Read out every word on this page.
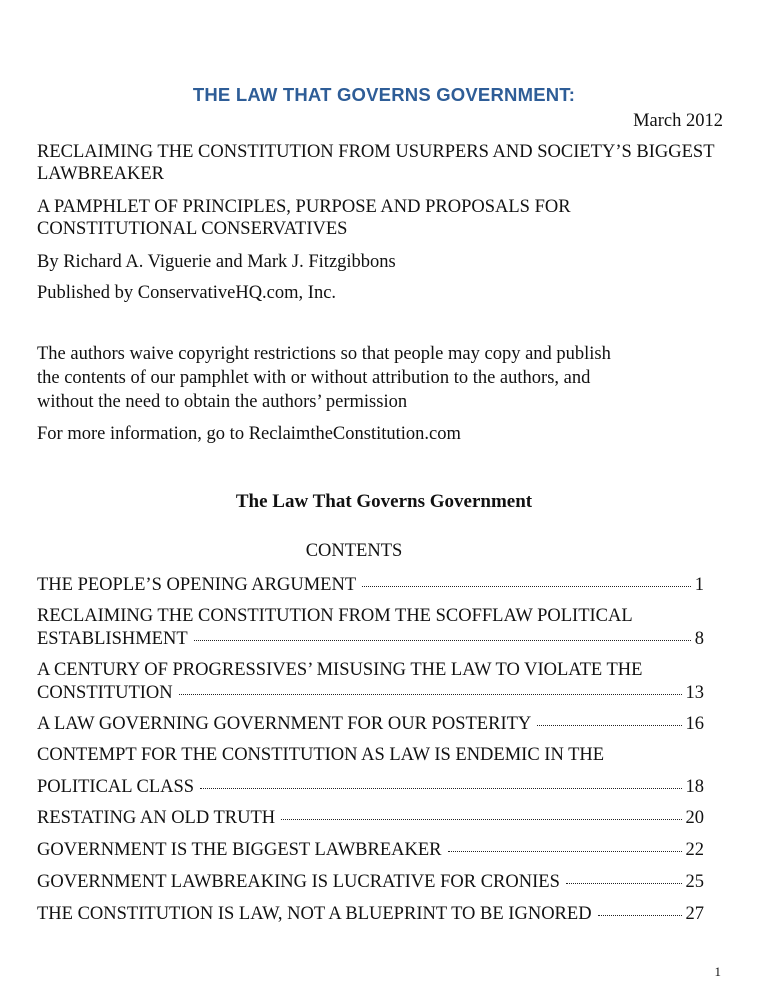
THE LAW THAT GOVERNS GOVERNMENT:
March 2012
RECLAIMING THE CONSTITUTION FROM USURPERS AND SOCIETY’S BIGGEST
LAWBREAKER
A PAMPHLET OF PRINCIPLES, PURPOSE AND PROPOSALS FOR
CONSTITUTIONAL CONSERVATIVES
By Richard A. Viguerie and Mark J. Fitzgibbons
Published by ConservativeHQ.com, Inc.
The authors waive copyright restrictions so that people may copy and publish
the contents of our pamphlet with or without attribution to the authors, and
without the need to obtain the authors’ permission
For more information, go to ReclaimtheConstitution.com
The Law That Governs Government
CONTENTS
THE PEOPLE’S OPENING ARGUMENT	1
RECLAIMING THE CONSTITUTION FROM THE SCOFFLAW POLITICAL
ESTABLISHMENT	8
A CENTURY OF PROGRESSIVES’ MISUSING THE LAW TO VIOLATE THE
CONSTITUTION	13
A LAW GOVERNING GOVERNMENT FOR OUR POSTERITY	16
CONTEMPT FOR THE CONSTITUTION AS LAW IS ENDEMIC IN THE
POLITICAL CLASS	18
RESTATING AN OLD TRUTH	20
GOVERNMENT IS THE BIGGEST LAWBREAKER	22
GOVERNMENT LAWBREAKING IS LUCRATIVE FOR CRONIES	25
THE CONSTITUTION IS LAW, NOT A BLUEPRINT TO BE IGNORED	27
1
